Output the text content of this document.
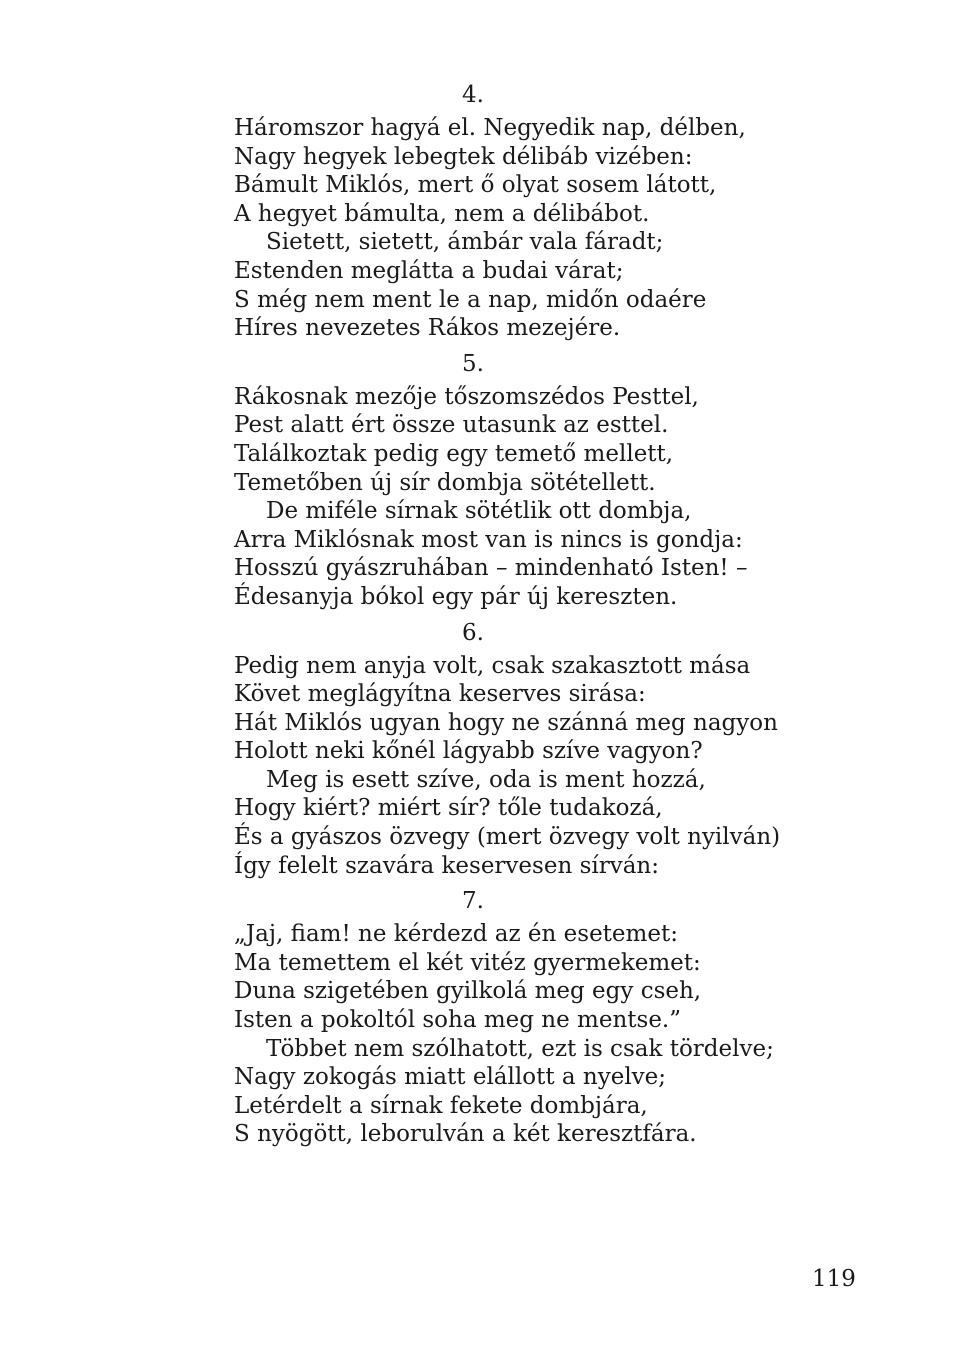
4.
Háromszor hagyá el. Negyedik nap, délben,
Nagy hegyek lebegtek délibáb vizében:
Bámult Miklós, mert ő olyat sosem látott,
A hegyet bámulta, nem a délibábot.
Sietett, sietett, ámbár vala fáradt;
Estenden meglátta a budai várat;
S még nem ment le a nap, midőn odaére
Híres nevezetes Rákos mezejére.
5.
Rákosnak mezője tőszomszédos Pesttel,
Pest alatt ért össze utasunk az esttel.
Találkoztak pedig egy temető mellett,
Temetőben új sír dombja sötétellett.
De miféle sírnak sötétlik ott dombja,
Arra Miklósnak most van is nincs is gondja:
Hosszú gyászruhában – mindenható Isten! –
Édesanyja bókol egy pár új kereszten.
6.
Pedig nem anyja volt, csak szakasztott mása
Követ meglágyítna keserves sirása:
Hát Miklós ugyan hogy ne szánná meg nagyon
Holott neki kőnél lágyabb szíve vagyon?
Meg is esett szíve, oda is ment hozzá,
Hogy kiért? miért sír? tőle tudakozá,
És a gyászos özvegy (mert özvegy volt nyilván)
Így felelt szavára keservesen sírván:
7.
„Jaj, fiam! ne kérdezd az én esetemet:
Ma temettem el két vitéz gyermekemet:
Duna szigetében gyilkolá meg egy cseh,
Isten a pokoltól soha meg ne mentse.”
Többet nem szólhatott, ezt is csak tördelve;
Nagy zokogás miatt elállott a nyelve;
Letérdelt a sírnak fekete dombjára,
S nyögött, leborulván a két keresztfára.
119
